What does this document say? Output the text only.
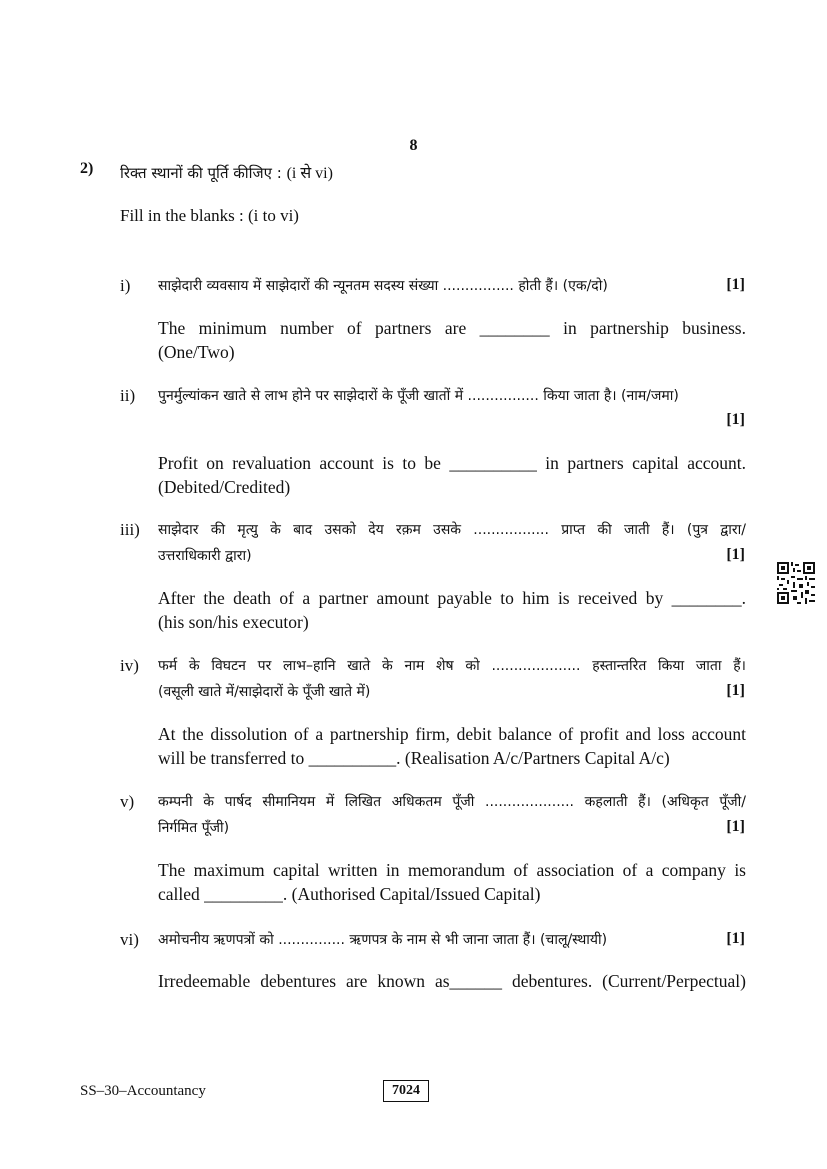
8
2) रिक्त स्थानों की पूर्ति कीजिए : (i से vi)
Fill in the blanks : (i to vi)
i) साझेदारी व्यवसाय में साझेदारों की न्यूनतम सदस्य संख्या ................ होती हैं। (एक/दो)	[1]
The minimum number of partners are ________ in partnership business.
(One/Two)
ii) पुनर्मुल्यांकन खाते से लाभ होने पर साझेदारों के पूँजी खातों में ................ किया जाता है। (नाम/जमा)
[1]
Profit on revaluation account is to be __________ in partners capital account.
(Debited/Credited)
iii) साझेदार की मृत्यु के बाद उसको देय रक़म उसके ................. प्राप्त की जाती हैं। (पुत्र द्वारा/
उत्तराधिकारी द्वारा)	[1]
After the death of a partner amount payable to him is received by ________.
(his son/his executor)
iv) फर्म के विघटन पर लाभ–हानि खाते के नाम शेष को .................... हस्तान्तरित किया जाता हैं।
(वसूली खाते में/साझेदारों के पूँजी खाते में)	[1]
At the dissolution of a partnership firm, debit balance of profit and loss account
will be transferred to __________. (Realisation A/c/Partners Capital A/c)
v) कम्पनी के पार्षद सीमानियम में लिखित अधिकतम पूँजी .................... कहलाती हैं। (अधिकृत पूँजी/
निर्गमित पूँजी)	[1]
The maximum capital written in memorandum of association of a company is
called _________. (Authorised Capital/Issued Capital)
vi) अमोचनीय ऋणपत्रों को ............... ऋणपत्र के नाम से भी जाना जाता हैं। (चालू/स्थायी)	[1]
Irredeemable debentures are known as______ debentures. (Current/Perpectual)
SS–30–Accountancy	7024
